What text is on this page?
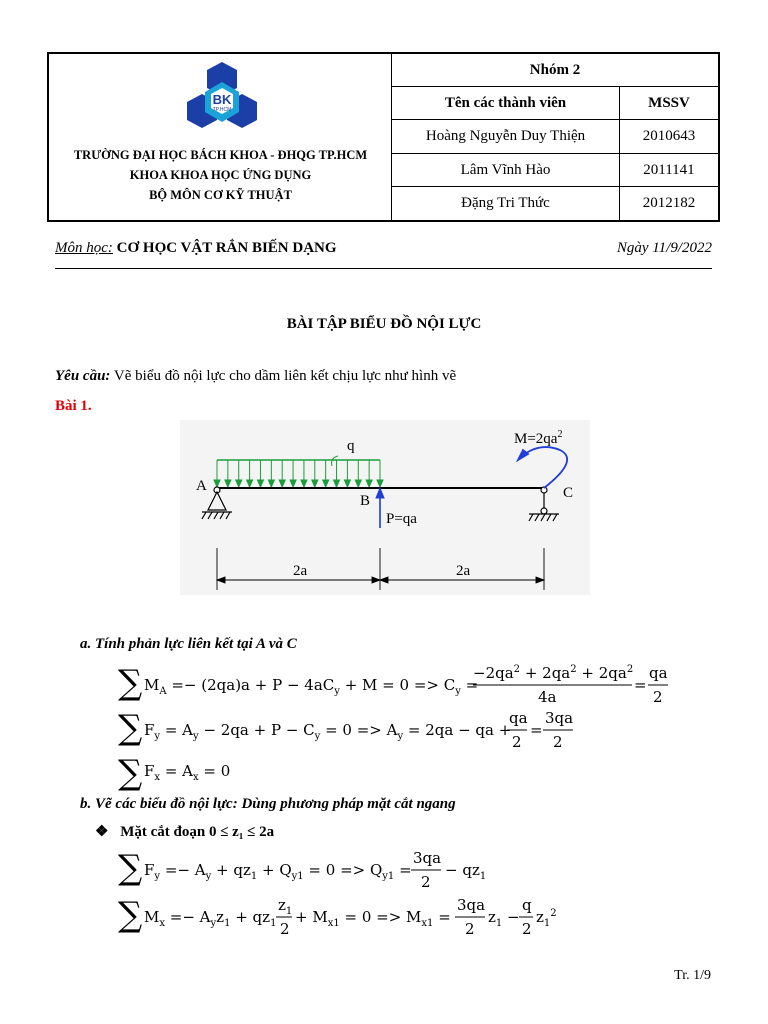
BK
TP.HCM
TRƯỜNG ĐẠI HỌC BÁCH KHOA - ĐHQG TP.HCM
KHOA KHOA HỌC ỨNG DỤNG
BỘ MÔN CƠ KỸ THUẬT
Nhóm 2
Tên các thành viên	MSSV
Hoàng Nguyễn Duy Thiện	2010643
Lâm Vĩnh Hào	2011141
Đặng Tri Thức	2012182
Môn học: CƠ HỌC VẬT RẮN BIẾN DẠNG	Ngày 11/9/2022
BÀI TẬP BIỂU ĐỒ NỘI LỰC
Yêu cầu: Vẽ biểu đồ nội lực cho dầm liên kết chịu lực như hình vẽ
Bài 1.
q	$M=2qa^2$
A
B	C
P=qa
2a	2a
a. Tính phản lực liên kết tại A và C
∑ $M_A =- (2qa)a + P - 4aC_y + M = 0 => C_y$ =
$-2qa^2 + 2qa^2 + 2qa^2$
4a
=
qa
2
∑ $F_y = A_y - 2qa + P - C_y = 0 => A_y = 2qa$ − qa +
qa
2
=
3qa
2
∑ $F_x = A_x = 0$
b. Vẽ các biểu đồ nội lực: Dùng phương pháp mặt cắt ngang
❖ Mặt cắt đoạn 0 ≤ z₁ ≤ 2a
∑ $F_y =- A_y + qz_1 + Q_{y1} = 0 => Q_{y1}$ =
3qa
2
− $qz_1$
∑ $M_x =- A_yz_1 + qz_1$
$z_1$
2
+ $M_{x1} = 0 => M_{x1}$ =
3qa
2
$z_1$ −
q
2
$z_1^2$
Tr. 1/9
